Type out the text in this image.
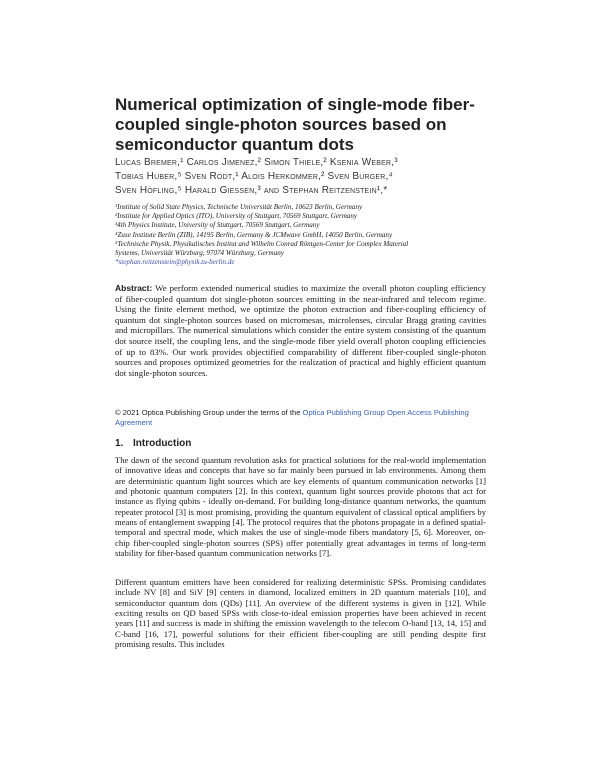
Numerical optimization of single-mode fiber-coupled single-photon sources based on semiconductor quantum dots
Lucas Bremer,¹ Carlos Jimenez,² Simon Thiele,² Ksenia Weber,³
Tobias Huber,⁵ Sven Rodt,¹ Alois Herkommer,² Sven Burger,⁴
Sven Höfling,⁵ Harald Giessen,³ and Stephan Reitzenstein¹,*
¹Institute of Solid State Physics, Technische Universität Berlin, 10623 Berlin, Germany
²Institute for Applied Optics (ITO), University of Stuttgart, 70569 Stuttgart, Germany
³4th Physics Institute, University of Stuttgart, 70569 Stuttgart, Germany
⁴Zuse Institute Berlin (ZIB), 14195 Berlin, Germany & JCMwave GmbH, 14050 Berlin, Germany
⁵Technische Physik, Physikalisches Institut and Wilhelm Conrad Röntgen-Center for Complex Material
Systems, Universität Würzburg, 97074 Würzburg, Germany
*stephan.reitzenstein@physik.tu-berlin.de

Abstract: We perform extended numerical studies to maximize the overall photon coupling efficiency of fiber-coupled quantum dot single-photon sources emitting in the near-infrared and telecom regime. Using the finite element method, we optimize the photon extraction and fiber-coupling efficiency of quantum dot single-photon sources based on micromesas, microlenses, circular Bragg grating cavities and micropillars. The numerical simulations which consider the entire system consisting of the quantum dot source itself, the coupling lens, and the single-mode fiber yield overall photon coupling efficiencies of up to 83%. Our work provides objectified comparability of different fiber-coupled single-photon sources and proposes optimized geometries for the realization of practical and highly efficient quantum dot single-photon sources.

© 2021 Optica Publishing Group under the terms of the Optica Publishing Group Open Access Publishing Agreement

1. Introduction

The dawn of the second quantum revolution asks for practical solutions for the real-world implementation of innovative ideas and concepts that have so far mainly been pursued in lab environments. Among them are deterministic quantum light sources which are key elements of quantum communication networks [1] and photonic quantum computers [2]. In this context, quantum light sources provide photons that act for instance as flying qubits - ideally on-demand. For building long-distance quantum networks, the quantum repeater protocol [3] is most promising, providing the quantum equivalent of classical optical amplifiers by means of entanglement swapping [4]. The protocol requires that the photons propagate in a defined spatial-temporal and spectral mode, which makes the use of single-mode fibers mandatory [5, 6]. Moreover, on-chip fiber-coupled single-photon sources (SPS) offer potentially great advantages in terms of long-term stability for fiber-based quantum communication networks [7].

Different quantum emitters have been considered for realizing deterministic SPSs. Promising candidates include NV [8] and SiV [9] centers in diamond, localized emitters in 2D quantum materials [10], and semiconductor quantum dots (QDs) [11]. An overview of the different systems is given in [12]. While exciting results on QD based SPSs with close-to-ideal emission properties have been achieved in recent years [11] and success is made in shifting the emission wavelength to the telecom O-band [13, 14, 15] and C-band [16, 17], powerful solutions for their efficient fiber-coupling are still pending despite first promising results. This includes
